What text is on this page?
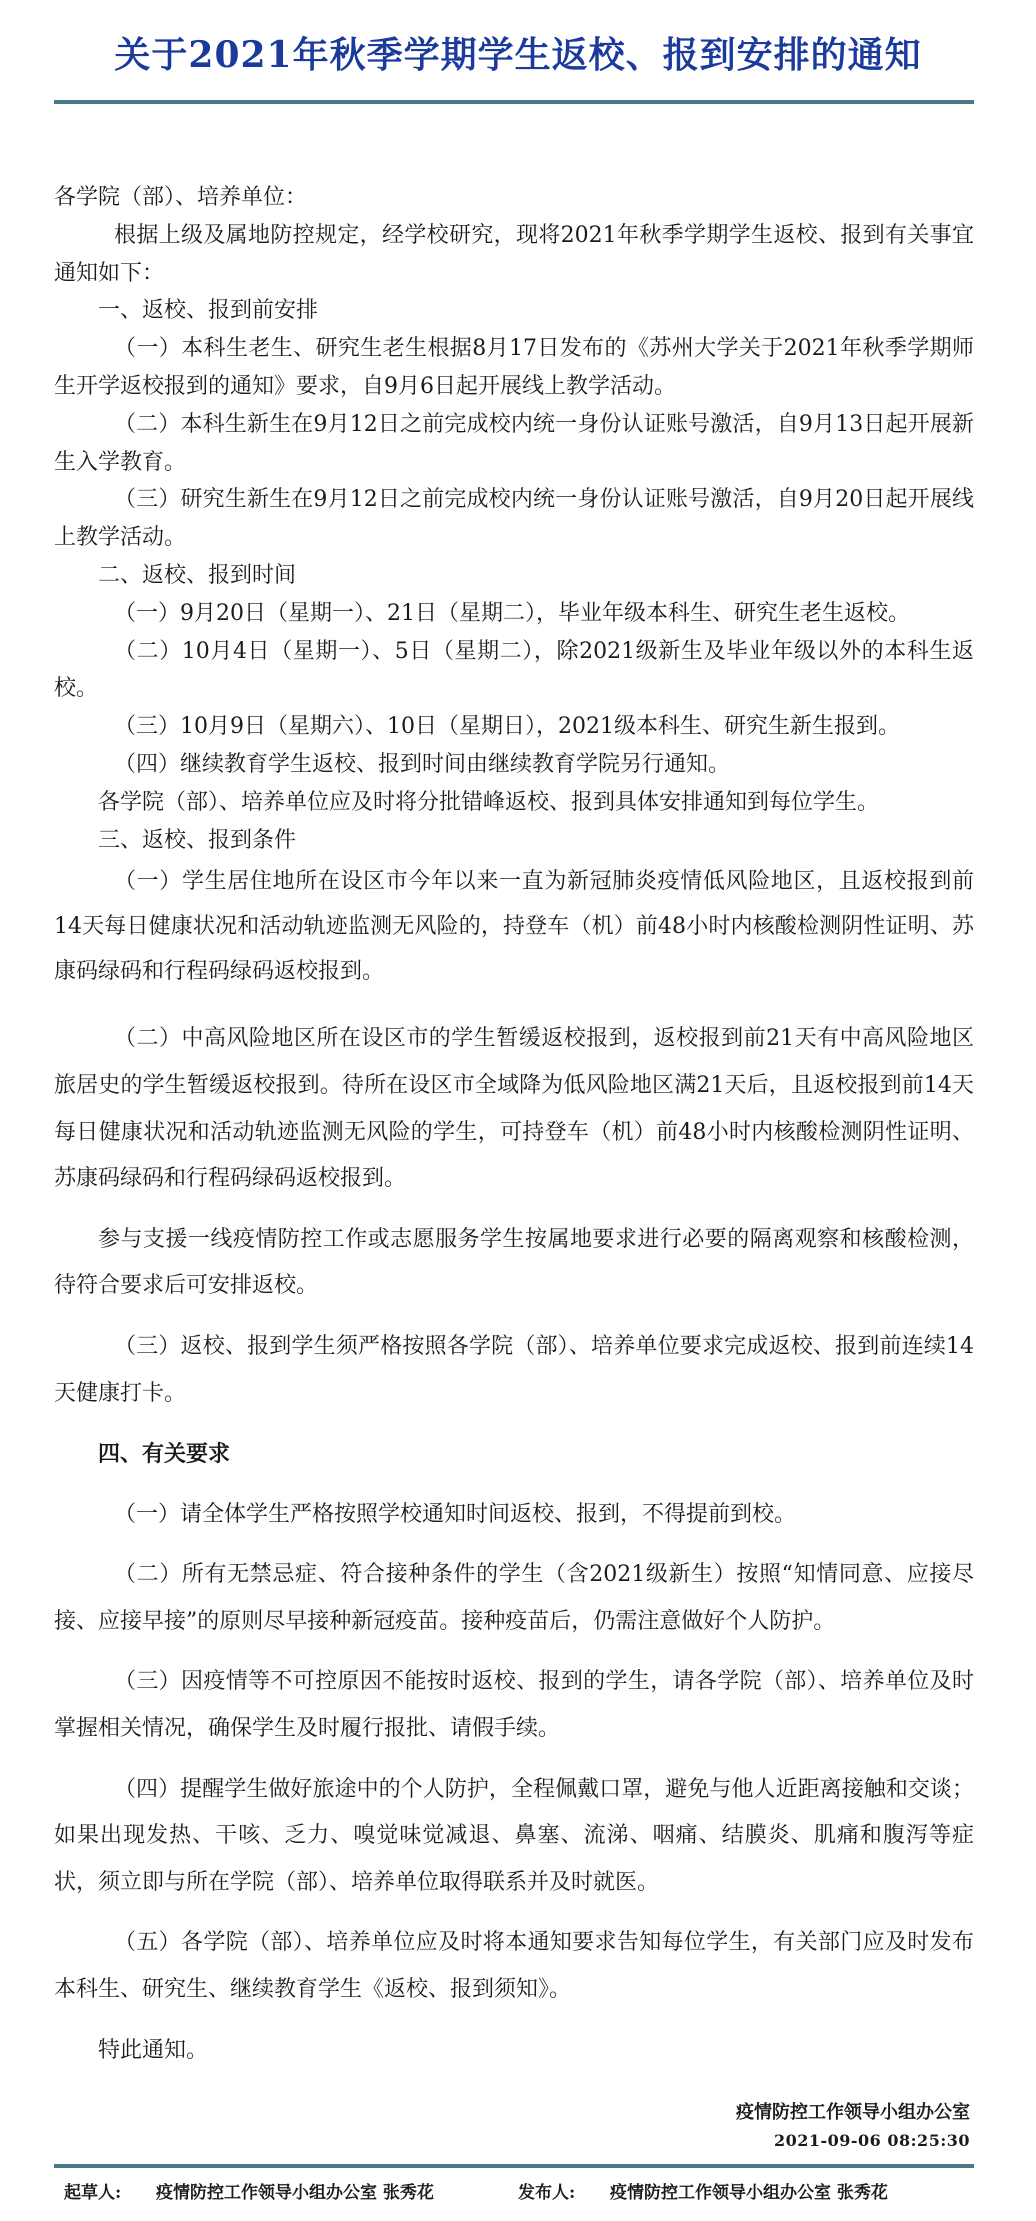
关于2021年秋季学期学生返校、报到安排的通知

各学院（部）、培养单位：

根据上级及属地防控规定，经学校研究，现将2021年秋季学期学生返校、报到有关事宜通知如下：

一、返校、报到前安排

（一）本科生老生、研究生老生根据8月17日发布的《苏州大学关于2021年秋季学期师生开学返校报到的通知》要求，自9月6日起开展线上教学活动。

（二）本科生新生在9月12日之前完成校内统一身份认证账号激活，自9月13日起开展新生入学教育。

（三）研究生新生在9月12日之前完成校内统一身份认证账号激活，自9月20日起开展线上教学活动。

二、返校、报到时间

（一）9月20日（星期一）、21日（星期二），毕业年级本科生、研究生老生返校。

（二）10月4日（星期一）、5日（星期二），除2021级新生及毕业年级以外的本科生返校。

（三）10月9日（星期六）、10日（星期日），2021级本科生、研究生新生报到。

（四）继续教育学生返校、报到时间由继续教育学院另行通知。

各学院（部）、培养单位应及时将分批错峰返校、报到具体安排通知到每位学生。

三、返校、报到条件

（一）学生居住地所在设区市今年以来一直为新冠肺炎疫情低风险地区，且返校报到前14天每日健康状况和活动轨迹监测无风险的，持登车（机）前48小时内核酸检测阴性证明、苏康码绿码和行程码绿码返校报到。

（二）中高风险地区所在设区市的学生暂缓返校报到，返校报到前21天有中高风险地区旅居史的学生暂缓返校报到。待所在设区市全域降为低风险地区满21天后，且返校报到前14天每日健康状况和活动轨迹监测无风险的学生，可持登车（机）前48小时内核酸检测阴性证明、苏康码绿码和行程码绿码返校报到。

参与支援一线疫情防控工作或志愿服务学生按属地要求进行必要的隔离观察和核酸检测，待符合要求后可安排返校。

（三）返校、报到学生须严格按照各学院（部）、培养单位要求完成返校、报到前连续14天健康打卡。

四、有关要求

（一）请全体学生严格按照学校通知时间返校、报到，不得提前到校。

（二）所有无禁忌症、符合接种条件的学生（含2021级新生）按照“知情同意、应接尽接、应接早接”的原则尽早接种新冠疫苗。接种疫苗后，仍需注意做好个人防护。

（三）因疫情等不可控原因不能按时返校、报到的学生，请各学院（部）、培养单位及时掌握相关情况，确保学生及时履行报批、请假手续。

（四）提醒学生做好旅途中的个人防护，全程佩戴口罩，避免与他人近距离接触和交谈；如果出现发热、干咳、乏力、嗅觉味觉减退、鼻塞、流涕、咽痛、结膜炎、肌痛和腹泻等症状，须立即与所在学院（部）、培养单位取得联系并及时就医。

（五）各学院（部）、培养单位应及时将本通知要求告知每位学生，有关部门应及时发布本科生、研究生、继续教育学生《返校、报到须知》。

特此通知。

疫情防控工作领导小组办公室
2021-09-06 08:25:30
起草人: 疫情防控工作领导小组办公室 张秀花	发布人: 疫情防控工作领导小组办公室 张秀花
